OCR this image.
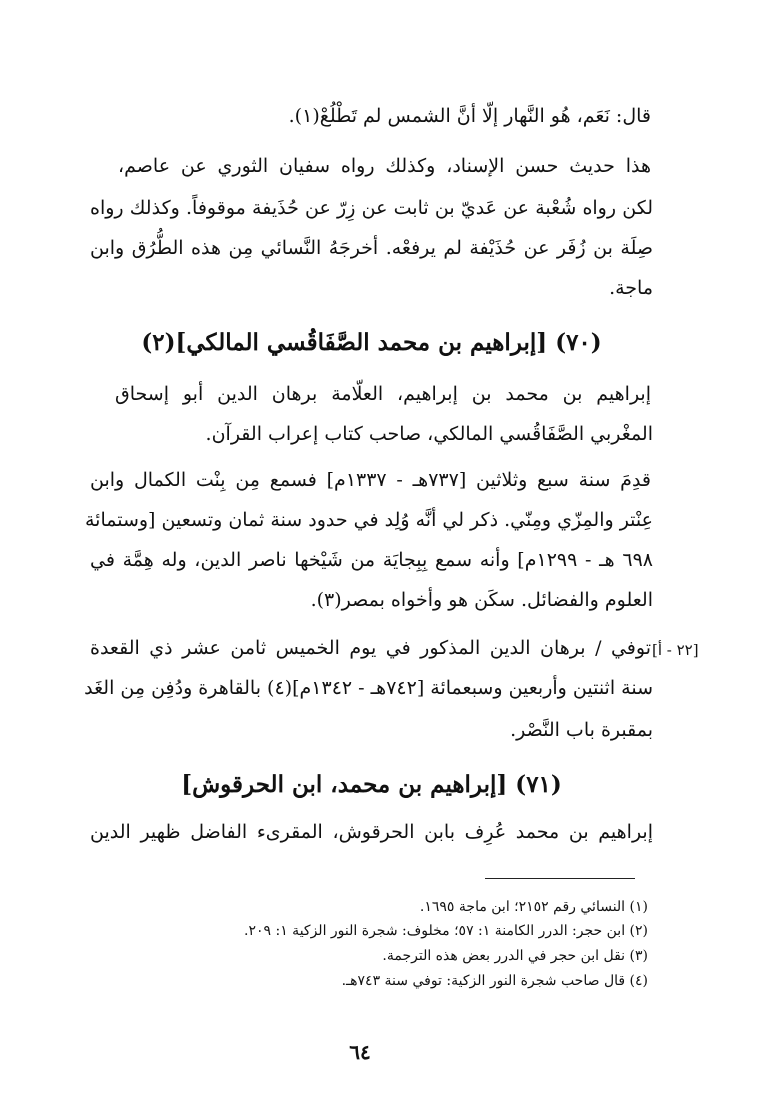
قال: نَعَم، هُو النَّهار إلّا أنَّ الشمس لم تَطْلُعْ(١).
هذا حديث حسن الإسناد، وكذلك رواه سفيان الثوري عن عاصم،
لكن رواه شُعْبة عن عَديّ بن ثابت عن زِرّ عن حُذَيفة موقوفاً. وكذلك رواه
صِلَة بن زُفَر عن حُذَيْفة لم يرفعْه. أخرجَهُ النَّسائي مِن هذه الطُّرُق وابن
ماجة.
(٧٠) [إبراهيم بن محمد الصَّفَاقُسي المالكي](٢)
إبراهيم بن محمد بن إبراهيم، العلّامة برهان الدين أبو إسحاق
المغْربي الصَّفَاقُسي المالكي، صاحب كتاب إعراب القرآن.
قدِمَ سنة سبع وثلاثين [٧٣٧هـ - ١٣٣٧م] فسمع مِن بِنْت الكمال وابن
عِنْتر والمِزّي ومِنّي. ذكر لي أنَّه وُلِد في حدود سنة ثمان وتسعين [وستمائة
٦٩٨ هـ - ١٢٩٩م] وأنه سمع بِبِجايَة من شَيْخها ناصر الدين، وله هِمَّة في
العلوم والفضائل. سكَن هو وأخواه بمصر(٣).
[٢٢ - أ]
توفي / برهان الدين المذكور في يوم الخميس ثامن عشر ذي القعدة
سنة اثنتين وأربعين وسبعمائة [٧٤٢هـ - ١٣٤٢م](٤) بالقاهرة ودُفِن مِن الغَد
بمقبرة باب النَّصْر.
(٧١) [إبراهيم بن محمد، ابن الحرقوش]
إبراهيم بن محمد عُرِف بابن الحرقوش، المقرىء الفاضل ظهير الدين
(١) النسائي رقم ٢١٥٢؛ ابن ماجة ١٦٩٥.
(٢) ابن حجر: الدرر الكامنة ١: ٥٧؛ مخلوف: شجرة النور الزكية ١: ٢٠٩.
(٣) نقل ابن حجر في الدرر بعض هذه الترجمة.
(٤) قال صاحب شجرة النور الزكية: توفي سنة ٧٤٣هـ.
٦٤
